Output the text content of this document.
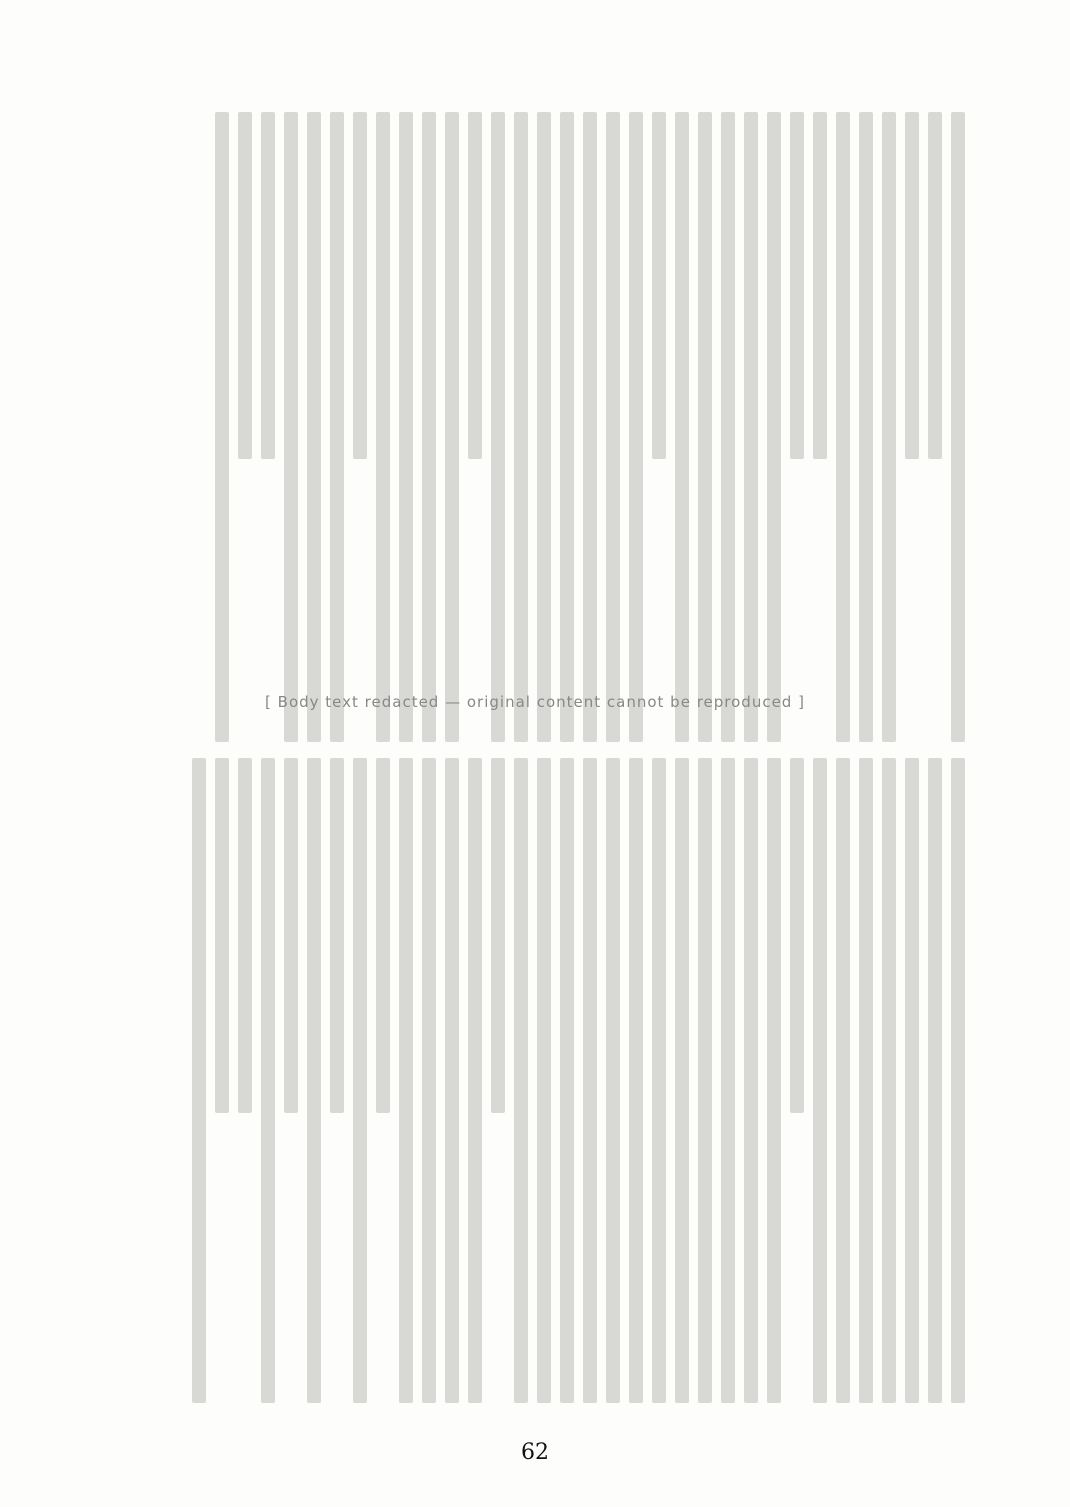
[ Body text redacted — original content cannot be reproduced ]
62
